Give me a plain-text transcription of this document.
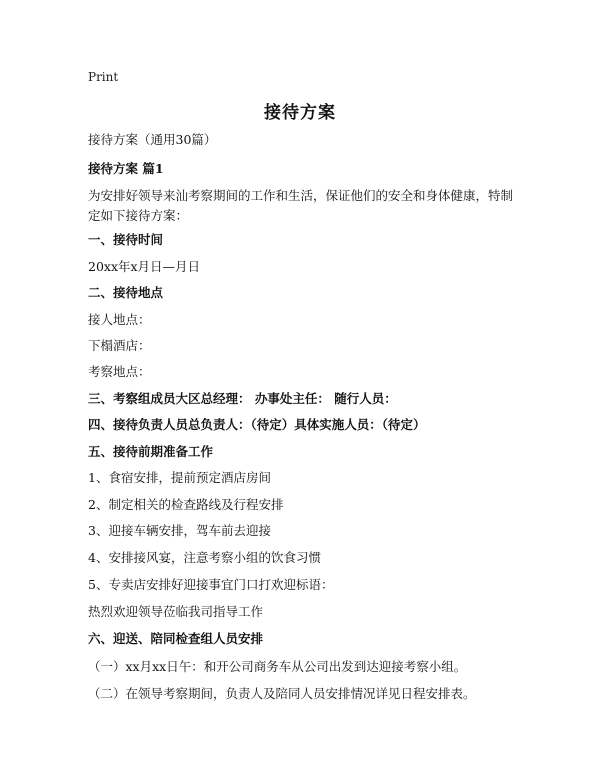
Print
接待方案
接待方案（通用30篇）
接待方案 篇1
为安排好领导来汕考察期间的工作和生活，保证他们的安全和身体健康，特制定如下接待方案：
一、接待时间
20xx年x月日—月日
二、接待地点
接人地点：
下榻酒店：
考察地点：
三、考察组成员大区总经理： 办事处主任： 随行人员：
四、接待负责人员总负责人：（待定）具体实施人员：（待定）
五、接待前期准备工作
1、食宿安排，提前预定酒店房间
2、制定相关的检查路线及行程安排
3、迎接车辆安排，驾车前去迎接
4、安排接风宴，注意考察小组的饮食习惯
5、专卖店安排好迎接事宜门口打欢迎标语：
热烈欢迎领导莅临我司指导工作
六、迎送、陪同检查组人员安排
（一）xx月xx日午：和开公司商务车从公司出发到达迎接考察小组。
（二）在领导考察期间，负责人及陪同人员安排情况详见日程安排表。
